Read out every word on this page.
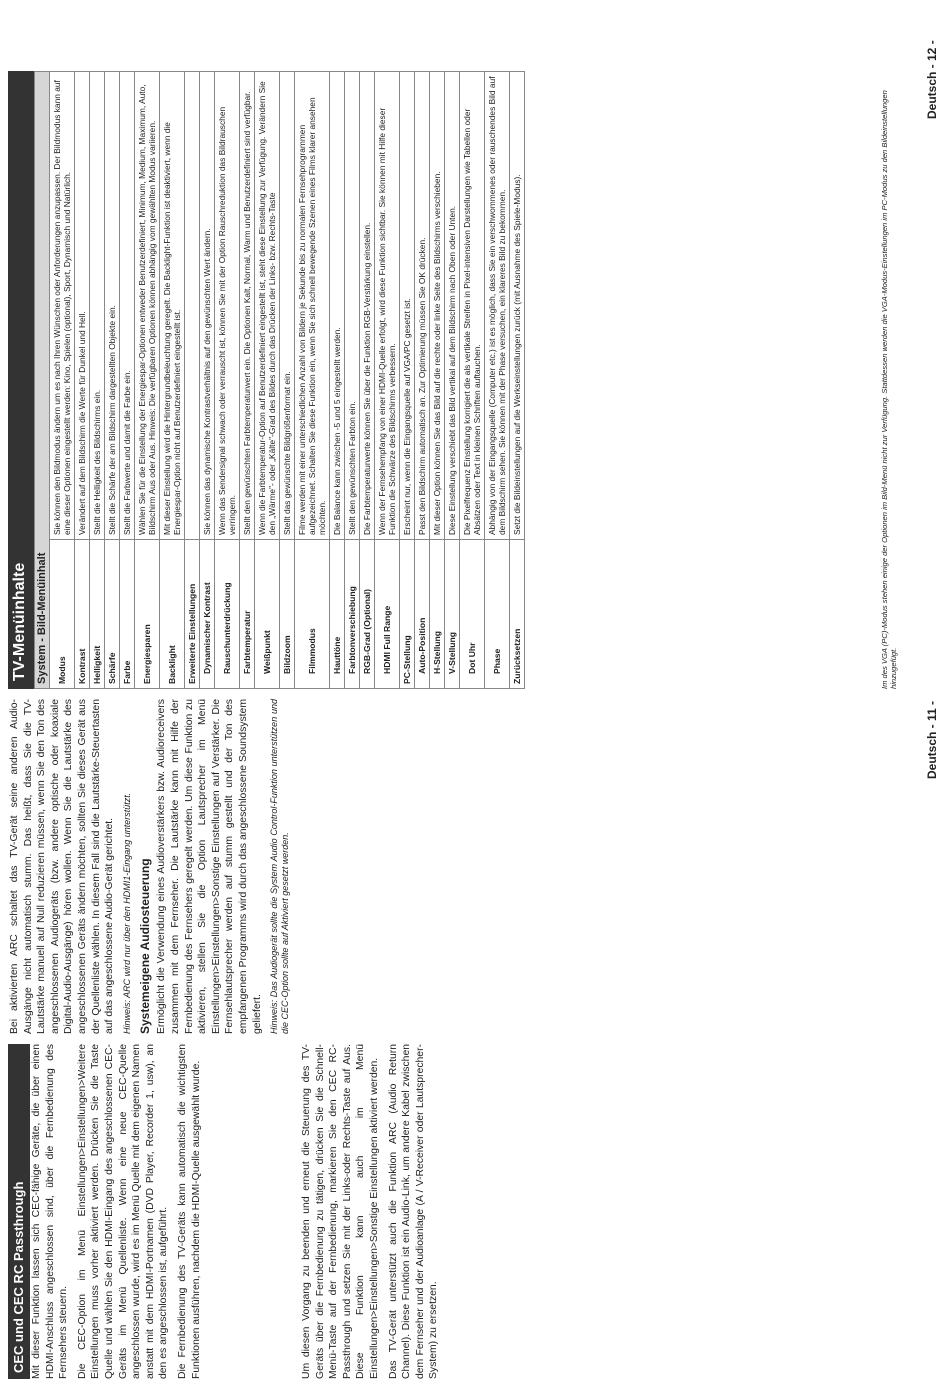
CEC und CEC RC Passthrough Mit dieser Funktion lassen sich CEC-fähige Geräte, die über einen HDMI-Anschluss angeschlossen sind, über die Fernbedienung des Fernsehers steuern. Die CEC-Option im Menü Einstellungen>Einstellungen>Weitere Einstellungen muss vorher aktiviert werden. Drücken Sie die Taste Quelle und wählen Sie den HDMI-Eingang des angeschlossenen CEC-Geräts im Menü Quellenliste. Wenn eine neue CEC-Quelle angeschlossen wurde, wird es im Menü Quelle mit dem eigenen Namen anstatt mit dem HDMI-Portnamen (DVD Player, Recorder 1, usw), an den es angeschlossen ist, aufgeführt. Die Fernbedienung des TV-Geräts kann automatisch die wichtigsten Funktionen ausführen, nachdem die HDMI-Quelle ausgewählt wurde.	Um diesen Vorgang zu beenden und erneut die Steuerung des TV-Geräts über die Fernbedienung zu tätigen, drücken Sie die Schnell-Menü-Taste auf der Fernbedienung, markieren Sie den CEC RC-Passthrough und setzen Sie mit der Links-oder Rechts-Taste auf Aus. Diese Funktion kann auch im Menü Einstellungen>Einstellungen>Sonstige Einstellungen aktiviert werden. Das TV-Gerät unterstützt auch die Funktion ARC (Audio Return Channel). Diese Funktion ist ein Audio-Link, um andere Kabel zwischen dem Fernseher und der Audioanlage (A / V-Receiver oder Lautsprecher-System) zu ersetzen.

Bei aktivierten ARC schaltet das TV-Gerät seine anderen Audio-Ausgänge nicht automatisch stumm. Das heißt, dass Sie die TV-Lautstärke manuell auf Null reduzieren müssen, wenn Sie den Ton des angeschlossenen Audiogeräts (bzw. andere optische oder koaxiale Digital-Audio-Ausgänge) hören wollen. Wenn Sie die Lautstärke des angeschlossenen Geräts ändern möchten, sollten Sie dieses Gerät aus der Quellenliste wählen. In diesem Fall sind die Lautstärke-Steuertasten auf das angeschlossene Audio-Gerät gerichtet. Hinweis: ARC wird nur über den HDMI1-Eingang unterstützt. Systemeigene Audiosteuerung Ermöglicht die Verwendung eines Audioverstärkers bzw. Audioreceivers zusammen mit dem Fernseher. Die Lautstärke kann mit Hilfe der Fernbedienung des Fernsehers geregelt werden. Um diese Funktion zu aktivieren, stellen Sie die Option Lautsprecher im Menü Einstellungen>Einstellungen>Sonstige Einstellungen auf Verstärker. Die Fernsehlautsprecher werden auf stumm gestellt und der Ton des empfangenen Programms wird durch das angeschlossene Soundsystem geliefert. Hinweis: Das Audiogerät sollte die System Audio Control-Funktion unterstützen und die CEC-Option sollte auf Aktiviert gesetzt werden.

Deutsch - 11 -
TV-Menüinhalte System - Bild-Menüinhalt	
Modus	Sie können den Bildmodus ändern um es nach Ihren Wünschen oder Anforderungen anzupassen. Der Bildmodus kann auf eine dieser Optionen eingestellt werden: Kino, Spielen (optional), Sport, Dynamisch und Natürlich.
Kontrast	Verändert auf dem Bildschirm die Werte für Dunkel und Hell.
Helligkeit	Stellt die Helligkeit des Bildschirms ein.
Schärfe	Stellt die Schärfe der am Bildschirm dargestellten Objekte ein.
Farbe	Stellt die Farbwerte und damit die Farbe ein.
Energiesparen	Wählen Sie für die Einstellung der Energiespar-Optionen entweder Benutzerdefiniert, Minimum, Medium, Maximum, Auto, Bildschirm Aus oder Aus. Hinweis: Die verfügbaren Optionen können abhängig vom gewählten Modus variieren.
Backlight	Mit dieser Einstellung wird die Hintergrundbeleuchtung geregelt. Die Backlight-Funktion ist deaktiviert, wenn die Energiespar-Option nicht auf Benutzerdefiniert eingestellt ist.
Erweiterte Einstellungen	
Dynamischer Kontrast	Sie können das dynamische Kontrastverhältnis auf den gewünschten Wert ändern.
Rauschunterdrückung	Wenn das Sendersignal schwach oder verrauscht ist, können Sie mit der Option Rauschreduktion das Bildrauschen verringern.
Farbtemperatur	Stellt den gewünschten Farbtemperaturwert ein. Die Optionen Kalt, Normal, Warm und Benutzerdefiniert sind verfügbar.
Weißpunkt	Wenn die Farbtemperatur-Option auf Benutzerdefiniert eingestellt ist, steht diese Einstellung zur Verfügung. Verändern Sie den „Wärme"- oder „Kälte"-Grad des Bildes durch das Drücken der Links- bzw. Rechts-Taste
Bildzoom	Stellt das gewünschte Bildgrößenformat ein.
Filmmodus	Filme werden mit einer unterschiedlichen Anzahl von Bildern je Sekunde bis zu normalen Fernsehprogrammen aufgezeichnet. Schalten Sie diese Funktion ein, wenn Sie sich schnell bewegende Szenen eines Films klarer ansehen möchten.
Hauttöne	Die Balance kann zwischen -5 und 5 eingestellt werden.
Farbtonverschiebung	Stellt den gewünschten Farbton ein.
RGB-Grad (Optional)	Die Farbtemperaturwerte können Sie über die Funktion RGB-Verstärkung einstellen.
HDMI Full Range	Wenn der Fernsehempfang von einer HDMI-Quelle erfolgt, wird diese Funktion sichtbar. Sie können mit Hilfe dieser Funktion die Schwärze des Bildschirms verbessern.
PC-Stellung	Erscheint nur, wenn die Eingangsquelle auf VGA/PC gesetzt ist.
Auto-Position	Passt den Bildschirm automatisch an. Zur Optimierung müssen Sie OK drücken.
H-Stellung	Mit dieser Option können Sie das Bild auf die rechte oder linke Seite des Bildschirms verschieben.
V-Stellung	Diese Einstellung verschiebt das Bild vertikal auf dem Bildschirm nach Oben oder Unten.
Dot Uhr	Die Pixelfrequenz Einstellung korrigiert die als vertikale Streifen in Pixel-intensiven Darstellungen wie Tabellen oder Absätzen oder Text in kleinen Schriften auftauchen.
Phase	Abhängig von der Eingangsquelle (Computer etc.) ist es möglich, dass Sie ein verschwommenes oder rauschendes Bild auf dem Bildschirm sehen. Sie können mit der Phase versuchen, ein klareres Bild zu bekommen.
Zurücksetzen	Setzt die Bildeinstellungen auf die Werkseinstellungen zurück (mit Ausnahme des Spiele-Modus).	Im des VGA (PC)-Modus stehen einige der Optionen im Bild-Menü nicht zur Verfügung. Stattdessen werden die VGA-Modus-Einstellungen im PC-Modus zu den Bildeinstellungen hinzugefügt.
Deutsch - 12 -
